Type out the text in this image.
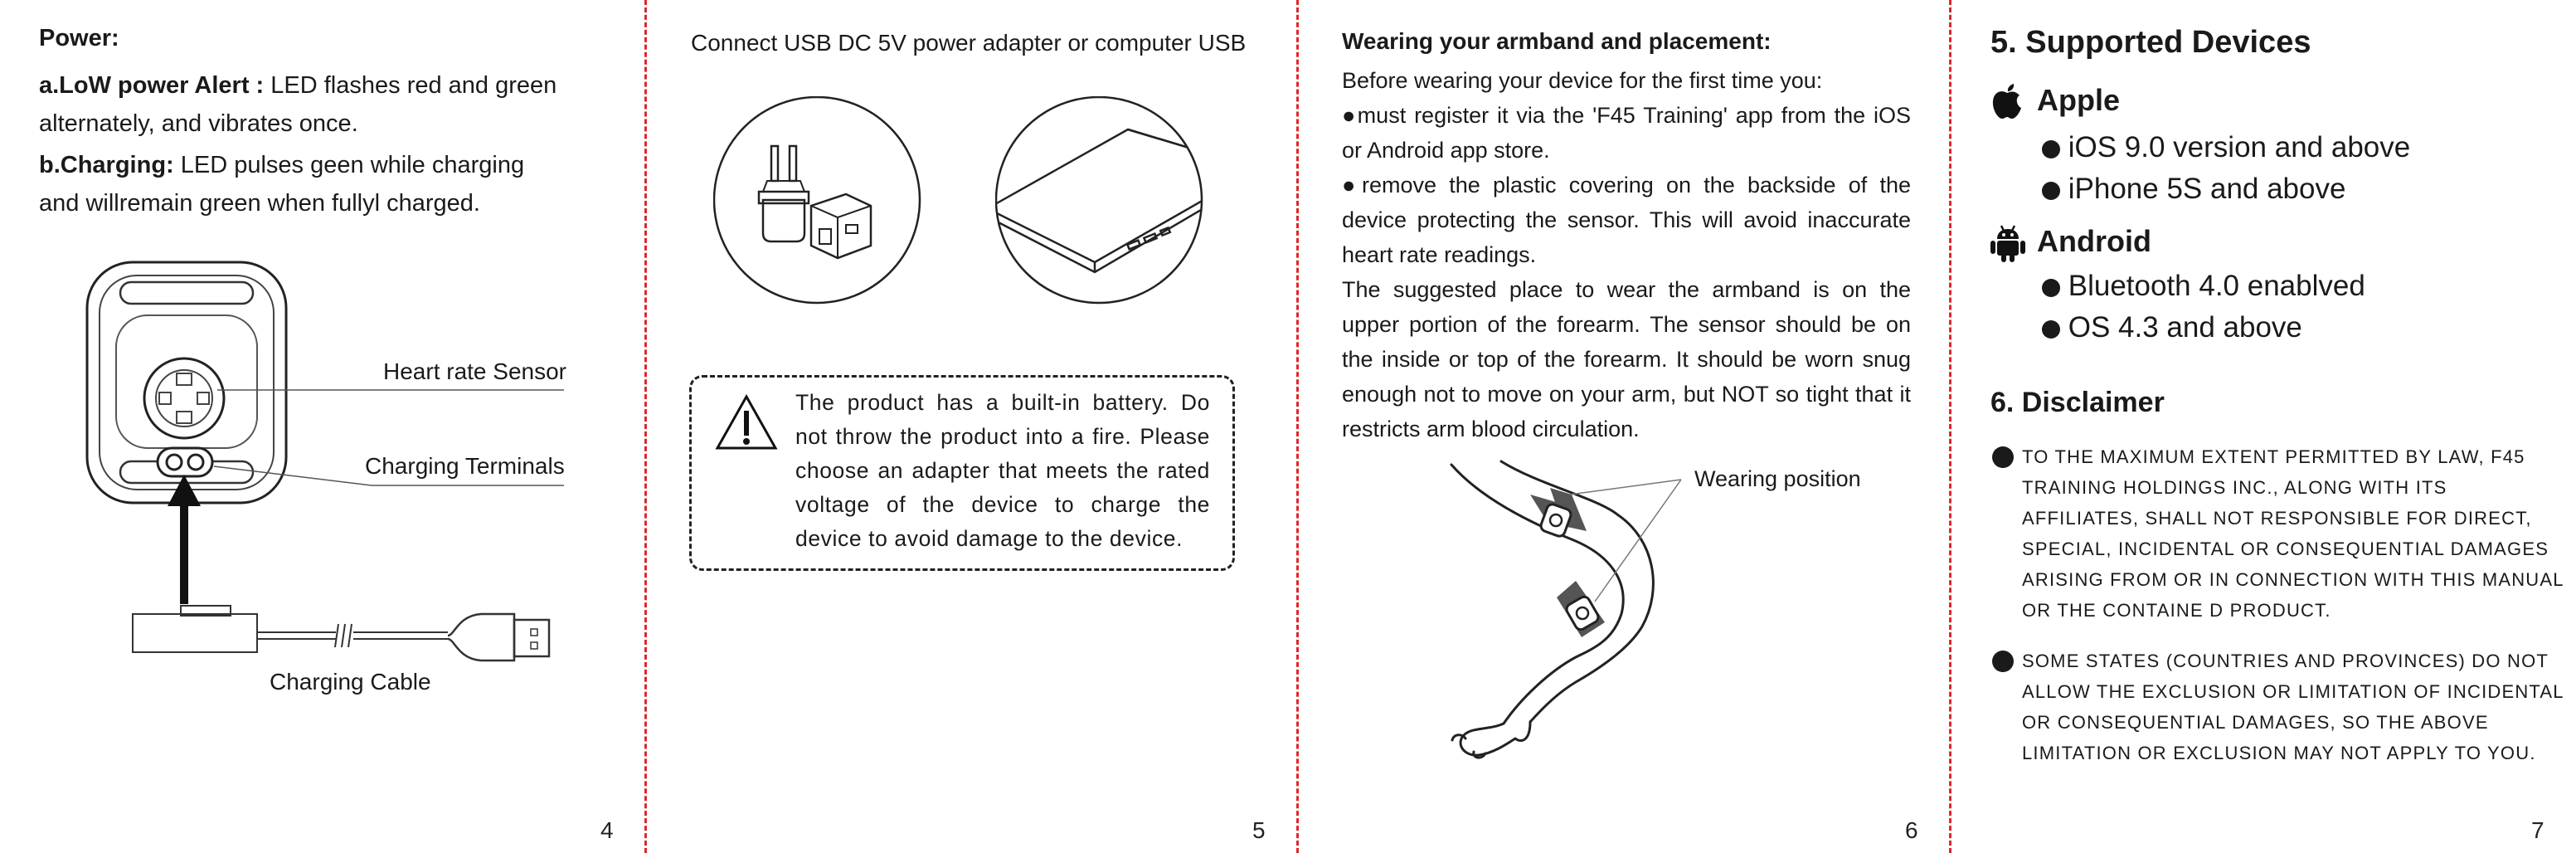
Power:

a.LoW power Alert : LED flashes red and green alternately, and vibrates once.

b.Charging: LED pulses geen while charging and willremain green when fullyl charged.

Heart rate Sensor

Charging Terminals

Charging Cable

4

Connect USB DC 5V power adapter or computer USB

The product has a built-in battery. Do not throw the product into a fire. Please choose an adapter that meets the rated voltage of the device to charge the device to avoid damage to the device.

5

Wearing your armband and placement:

Before wearing your device for the first time you:

●must register it via the 'F45 Training' app from the iOS or Android app store.

●remove the plastic covering on the backside of the device protecting the sensor. This will avoid inaccurate heart rate readings.

The suggested place to wear the armband is on the upper portion of the forearm. The sensor should be on the inside or top of the forearm. It should be worn snug enough not to move on your arm, but NOT so tight that it restricts arm blood circulation.

Wearing position

6

5. Supported Devices

Apple

iOS 9.0 version and above
iPhone 5S and above

Android

Bluetooth 4.0 enablved
OS 4.3 and above

6. Disclaimer

TO THE MAXIMUM EXTENT PERMITTED BY LAW, F45 TRAINING HOLDINGS INC., ALONG WITH ITS AFFILIATES, SHALL NOT RESPONSIBLE FOR DIRECT, SPECIAL, INCIDENTAL OR CONSEQUENTIAL DAMAGES ARISING FROM OR IN CONNECTION WITH THIS MANUAL OR THE CONTAINE D PRODUCT.

SOME STATES (COUNTRIES AND PROVINCES) DO NOT ALLOW THE EXCLUSION OR LIMITATION OF INCIDENTAL OR CONSEQUENTIAL DAMAGES, SO THE ABOVE LIMITATION OR EXCLUSION MAY NOT APPLY TO YOU.

7
